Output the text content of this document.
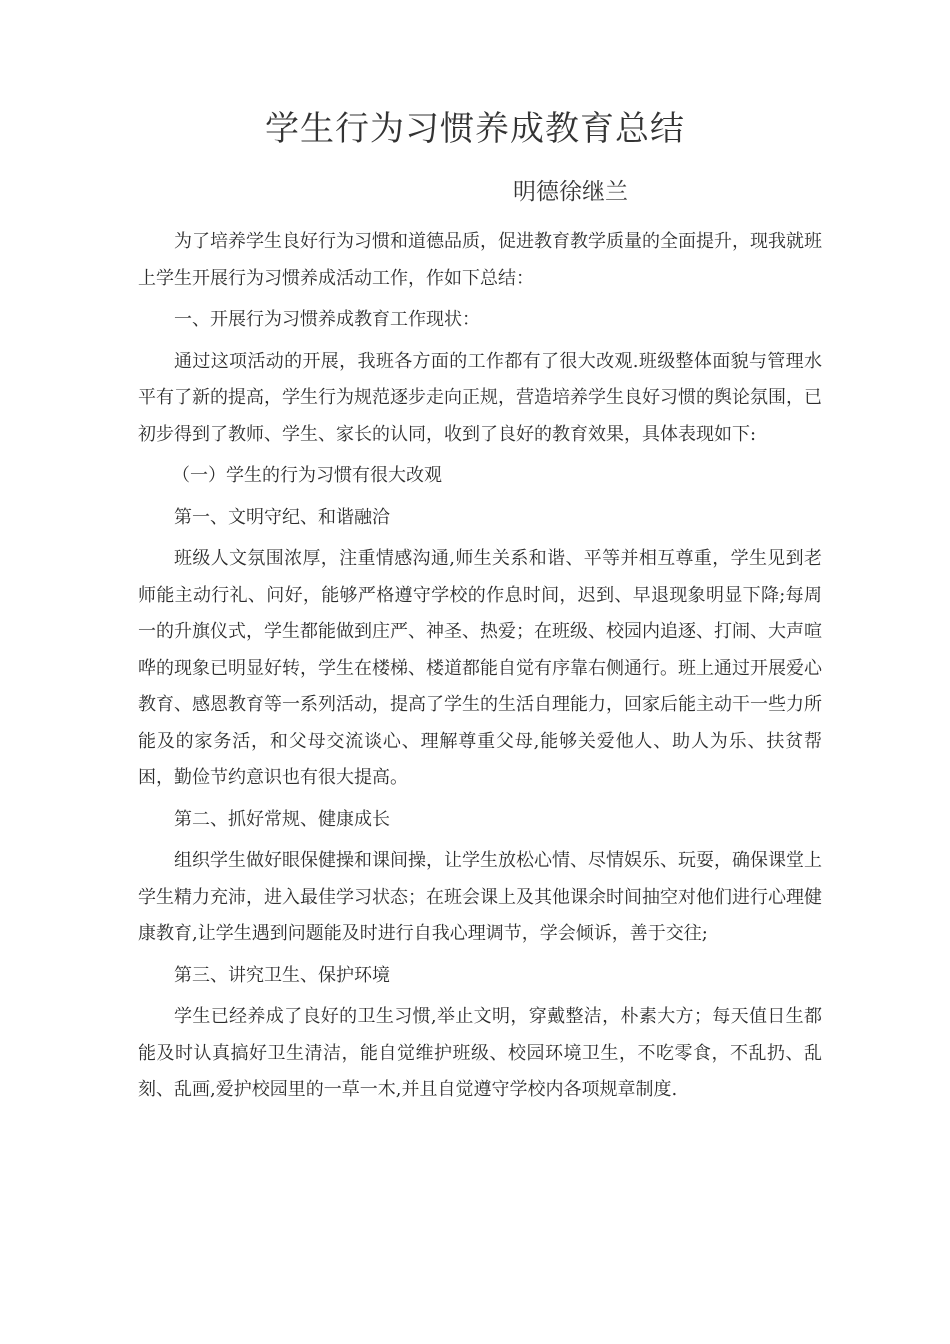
学生行为习惯养成教育总结
明德徐继兰

为了培养学生良好行为习惯和道德品质，促进教育教学质量的全面提升，现我就班上学生开展行为习惯养成活动工作，作如下总结：

一、开展行为习惯养成教育工作现状：

通过这项活动的开展，我班各方面的工作都有了很大改观.班级整体面貌与管理水平有了新的提高，学生行为规范逐步走向正规，营造培养学生良好习惯的舆论氛围，已初步得到了教师、学生、家长的认同，收到了良好的教育效果，具体表现如下:

（一）学生的行为习惯有很大改观

第一、文明守纪、和谐融洽

班级人文氛围浓厚，注重情感沟通,师生关系和谐、平等并相互尊重，学生见到老师能主动行礼、问好，能够严格遵守学校的作息时间，迟到、早退现象明显下降;每周一的升旗仪式，学生都能做到庄严、神圣、热爱；在班级、校园内追逐、打闹、大声喧哗的现象已明显好转，学生在楼梯、楼道都能自觉有序靠右侧通行。班上通过开展爱心教育、感恩教育等一系列活动，提高了学生的生活自理能力，回家后能主动干一些力所能及的家务活，和父母交流谈心、理解尊重父母,能够关爱他人、助人为乐、扶贫帮困，勤俭节约意识也有很大提高。

第二、抓好常规、健康成长

组织学生做好眼保健操和课间操，让学生放松心情、尽情娱乐、玩耍，确保课堂上学生精力充沛，进入最佳学习状态；在班会课上及其他课余时间抽空对他们进行心理健康教育,让学生遇到问题能及时进行自我心理调节，学会倾诉，善于交往;

第三、讲究卫生、保护环境

学生已经养成了良好的卫生习惯,举止文明，穿戴整洁，朴素大方；每天值日生都能及时认真搞好卫生清洁，能自觉维护班级、校园环境卫生，不吃零食，不乱扔、乱刻、乱画,爱护校园里的一草一木,并且自觉遵守学校内各项规章制度.
